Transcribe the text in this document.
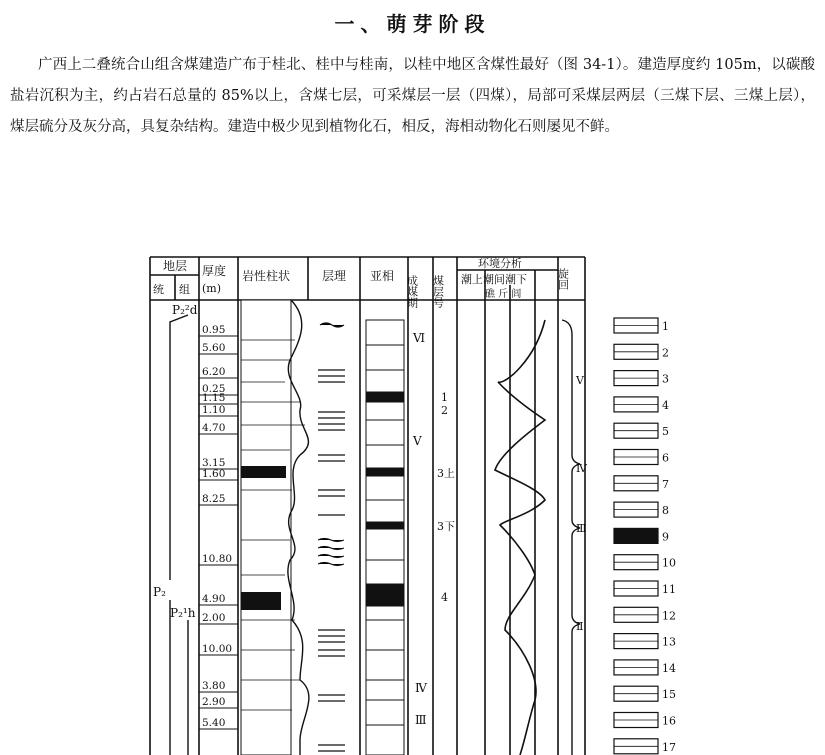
一、萌芽阶段

广西上二叠统合山组含煤建造广布于桂北、桂中与桂南，以桂中地区含煤性最好（图 34-1）。建造厚度约 105m，以碳酸盐岩沉积为主，约占岩石总量的 85%以上，含煤七层，可采煤层一层（四煤），局部可采煤层两层（三煤下层、三煤上层），煤层硫分及灰分高，具复杂结构。建造中极少见到植物化石，相反，海相动物化石则屡见不鲜。

地层
统 组
厚度
(m)
岩性柱状	层理 亚相 成煤期 煤层号
环境分析
潮上潮间潮下
礁 斤 闾
旋回
P₂²d
P₂
P₂¹h
0.95
5.60
6.20
0.25
1.15
1.10
4.70
3.15
1.60
8.25
10.80
4.90
2.00
10.00
3.80
2.90
5.40
Ⅵ
Ⅴ
Ⅳ
Ⅲ
1
2
3上
3下
4
Ⅴ
Ⅳ
Ⅲ
Ⅱ
1
2
3
4
5
6
7
8
9
10
11
12
13
14
15
16
17
